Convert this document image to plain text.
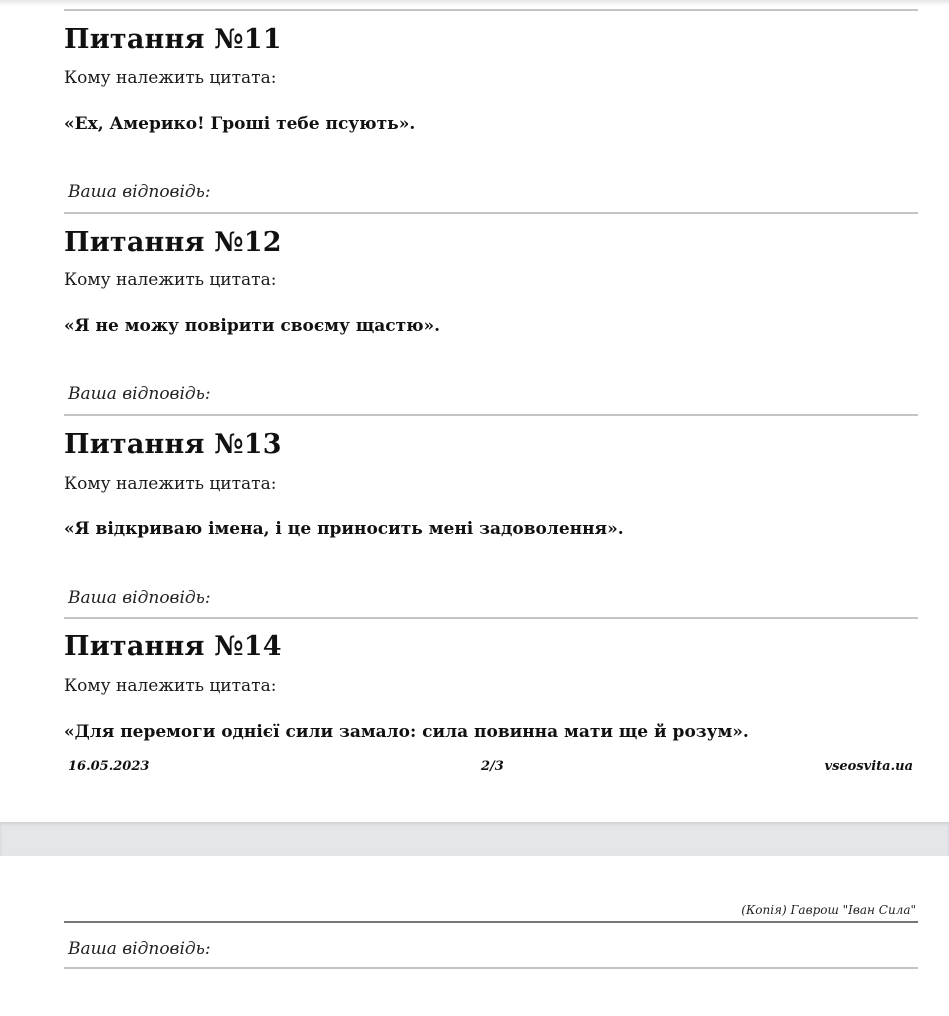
Питання №11
Кому належить цитата:
«Ех, Америко! Гроші тебе псують».
Ваша відповідь:
Питання №12
Кому належить цитата:
«Я не можу повірити своєму щастю».
Ваша відповідь:
Питання №13
Кому належить цитата:
«Я відкриваю імена, і це приносить мені задоволення».
Ваша відповідь:
Питання №14
Кому належить цитата:
«Для перемоги однієї сили замало: сила повинна мати ще й розум».
16.05.2023	2/3	vseosvita.ua
(Копія) Гаврош "Іван Сила"
Ваша відповідь:
